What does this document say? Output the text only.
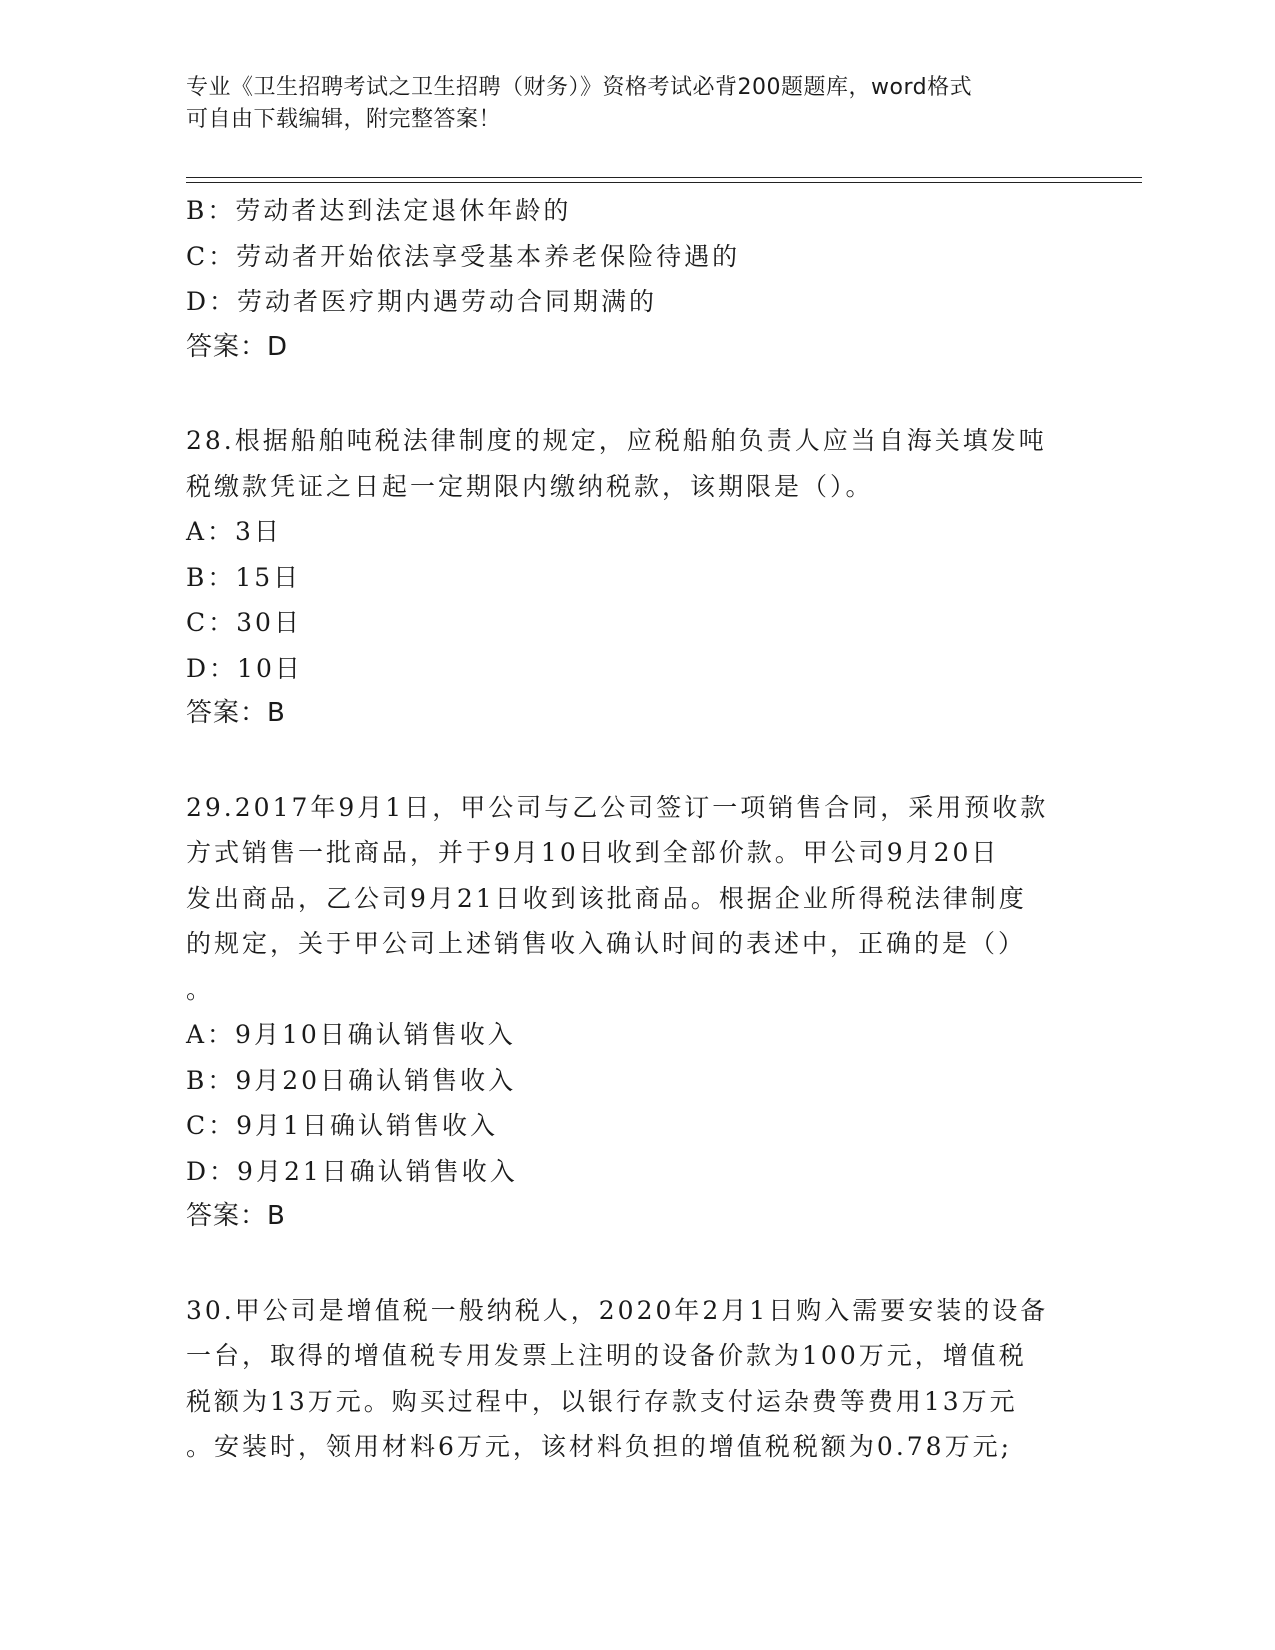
专业《卫生招聘考试之卫生招聘（财务）》资格考试必背200题题库，word格式
可自由下载编辑，附完整答案！
B：劳动者达到法定退休年龄的
C：劳动者开始依法享受基本养老保险待遇的
D：劳动者医疗期内遇劳动合同期满的
答案：D
28.根据船舶吨税法律制度的规定，应税船舶负责人应当自海关填发吨
税缴款凭证之日起一定期限内缴纳税款，该期限是（）。
A：3日
B：15日
C：30日
D：10日
答案：B
29.2017年9月1日，甲公司与乙公司签订一项销售合同，采用预收款
方式销售一批商品，并于9月10日收到全部价款。甲公司9月20日
发出商品，乙公司9月21日收到该批商品。根据企业所得税法律制度
的规定，关于甲公司上述销售收入确认时间的表述中，正确的是（）
。
A：9月10日确认销售收入
B：9月20日确认销售收入
C：9月1日确认销售收入
D：9月21日确认销售收入
答案：B
30.甲公司是增值税一般纳税人，2020年2月1日购入需要安装的设备
一台，取得的增值税专用发票上注明的设备价款为100万元，增值税
税额为13万元。购买过程中，以银行存款支付运杂费等费用13万元
。安装时，领用材料6万元，该材料负担的增值税税额为0.78万元;
